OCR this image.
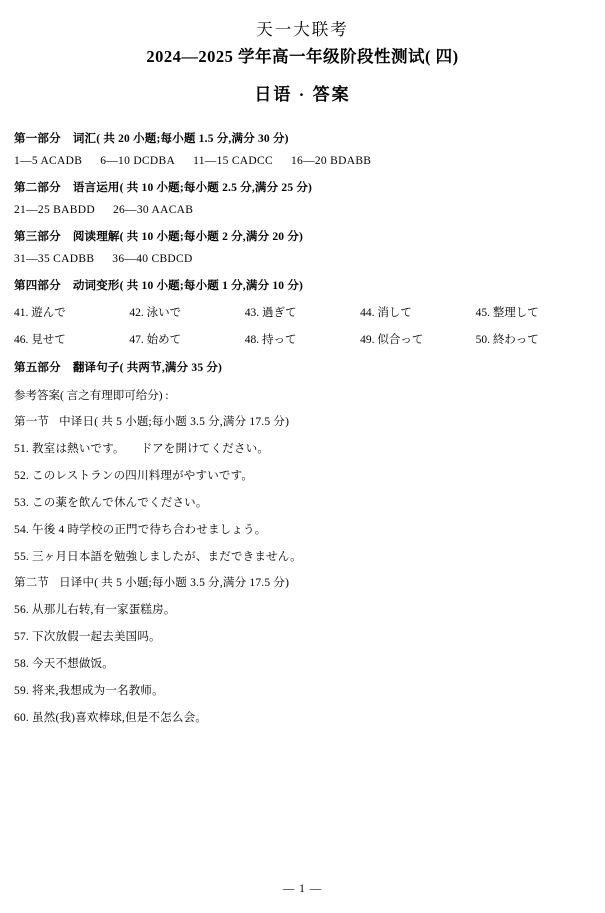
天一大联考
2024—2025 学年高一年级阶段性测试( 四)
日语 · 答案
第一部分 词汇( 共 20 小题;每小题 1.5 分,满分 30 分)
1—5 ACADB 6—10 DCDBA 11—15 CADCC 16—20 BDABB
第二部分 语言运用( 共 10 小题;每小题 2.5 分,满分 25 分)
21—25 BABDD 26—30 AACAB
第三部分 阅读理解( 共 10 小题;每小题 2 分,满分 20 分)
31—35 CADBB 36—40 CBDCD
第四部分 动词变形( 共 10 小题;每小题 1 分,满分 10 分)
41. 遊んで	42. 泳いで	43. 過ぎて	44. 消して	45. 整理して
46. 見せて	47. 始めて	48. 持って	49. 似合って	50. 終わって
第五部分 翻译句子( 共两节,满分 35 分)
参考答案( 言之有理即可给分) :
第一节 中译日( 共 5 小题;每小题 3.5 分,满分 17.5 分)
51. 教室は熱いです。 ドアを開けてください。
52. このレストランの四川料理がやすいです。
53. この薬を飲んで休んでください。
54. 午後 4 時学校の正門で待ち合わせましょう。
55. 三ヶ月日本語を勉強しましたが、まだできません。
第二节 日译中( 共 5 小题;每小题 3.5 分,满分 17.5 分)
56. 从那儿右转,有一家蛋糕房。
57. 下次放假一起去美国吗。
58. 今天不想做饭。
59. 将来,我想成为一名教师。
60. 虽然(我)喜欢棒球,但是不怎么会。
— 1 —
